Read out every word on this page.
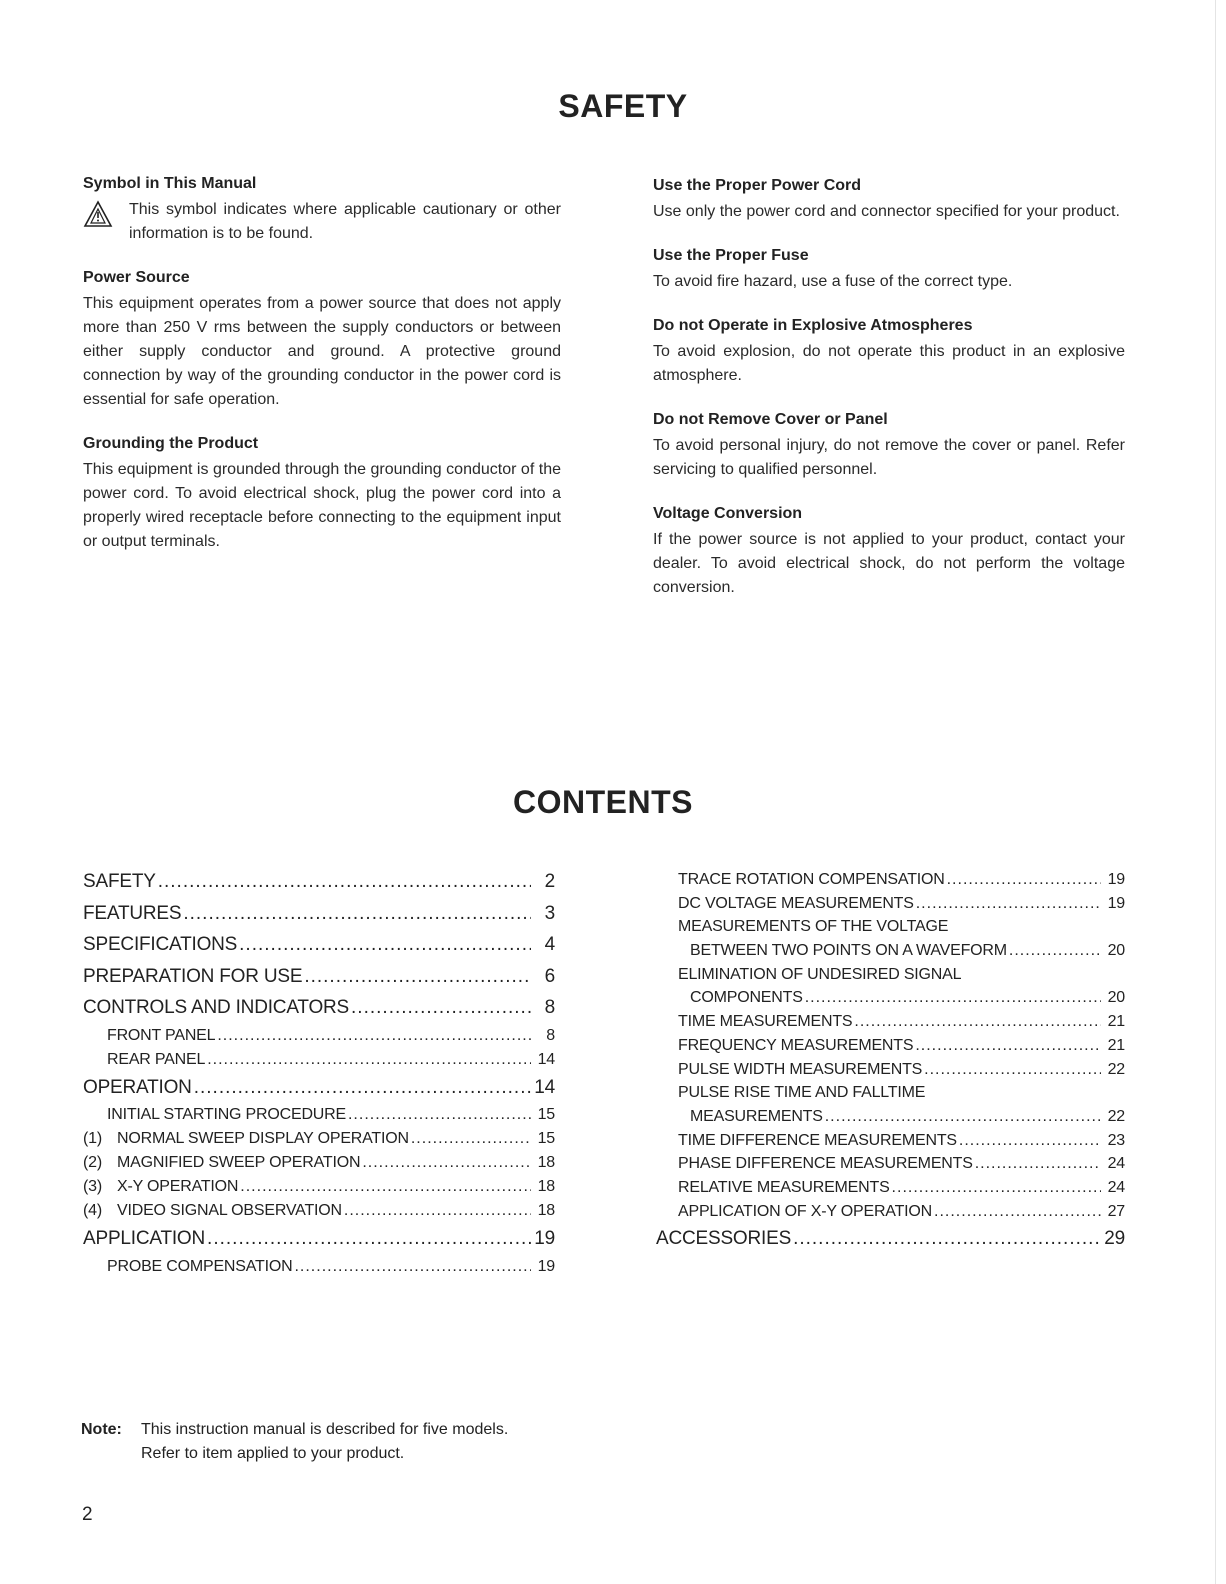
SAFETY
Symbol in This Manual
This symbol indicates where applicable cautionary or other information is to be found.
Power Source
This equipment operates from a power source that does not apply more than 250 V rms between the supply conductors or between either supply conductor and ground. A protective ground connection by way of the grounding conductor in the power cord is essential for safe operation.
Grounding the Product
This equipment is grounded through the grounding conductor of the power cord. To avoid electrical shock, plug the power cord into a properly wired receptacle before connecting to the equipment input or output terminals.
Use the Proper Power Cord
Use only the power cord and connector specified for your product.
Use the Proper Fuse
To avoid fire hazard, use a fuse of the correct type.
Do not Operate in Explosive Atmospheres
To avoid explosion, do not operate this product in an explosive atmosphere.
Do not Remove Cover or Panel
To avoid personal injury, do not remove the cover or panel. Refer servicing to qualified personnel.
Voltage Conversion
If the power source is not applied to your product, contact your dealer. To avoid electrical shock, do not perform the voltage conversion.
CONTENTS
SAFETY .....	2
FEATURES .....	3
SPECIFICATIONS .....	4
PREPARATION FOR USE .....	6
CONTROLS AND INDICATORS .....	8
FRONT PANEL .....	8
REAR PANEL .....	14
OPERATION .....	14
INITIAL STARTING PROCEDURE .....	15
(1) NORMAL SWEEP DISPLAY OPERATION .....	15
(2) MAGNIFIED SWEEP OPERATION .....	18
(3) X-Y OPERATION .....	18
(4) VIDEO SIGNAL OBSERVATION .....	18
APPLICATION .....	19
PROBE COMPENSATION .....	19
TRACE ROTATION COMPENSATION .....	19
DC VOLTAGE MEASUREMENTS .....	19
MEASUREMENTS OF THE VOLTAGE
BETWEEN TWO POINTS ON A WAVEFORM .....	20
ELIMINATION OF UNDESIRED SIGNAL
COMPONENTS .....	20
TIME MEASUREMENTS .....	21
FREQUENCY MEASUREMENTS .....	21
PULSE WIDTH MEASUREMENTS .....	22
PULSE RISE TIME AND FALLTIME
MEASUREMENTS .....	22
TIME DIFFERENCE MEASUREMENTS .....	23
PHASE DIFFERENCE MEASUREMENTS .....	24
RELATIVE MEASUREMENTS .....	24
APPLICATION OF X-Y OPERATION .....	27
ACCESSORIES .....	29
Note:	This instruction manual is described for five models.
Refer to item applied to your product.
2
